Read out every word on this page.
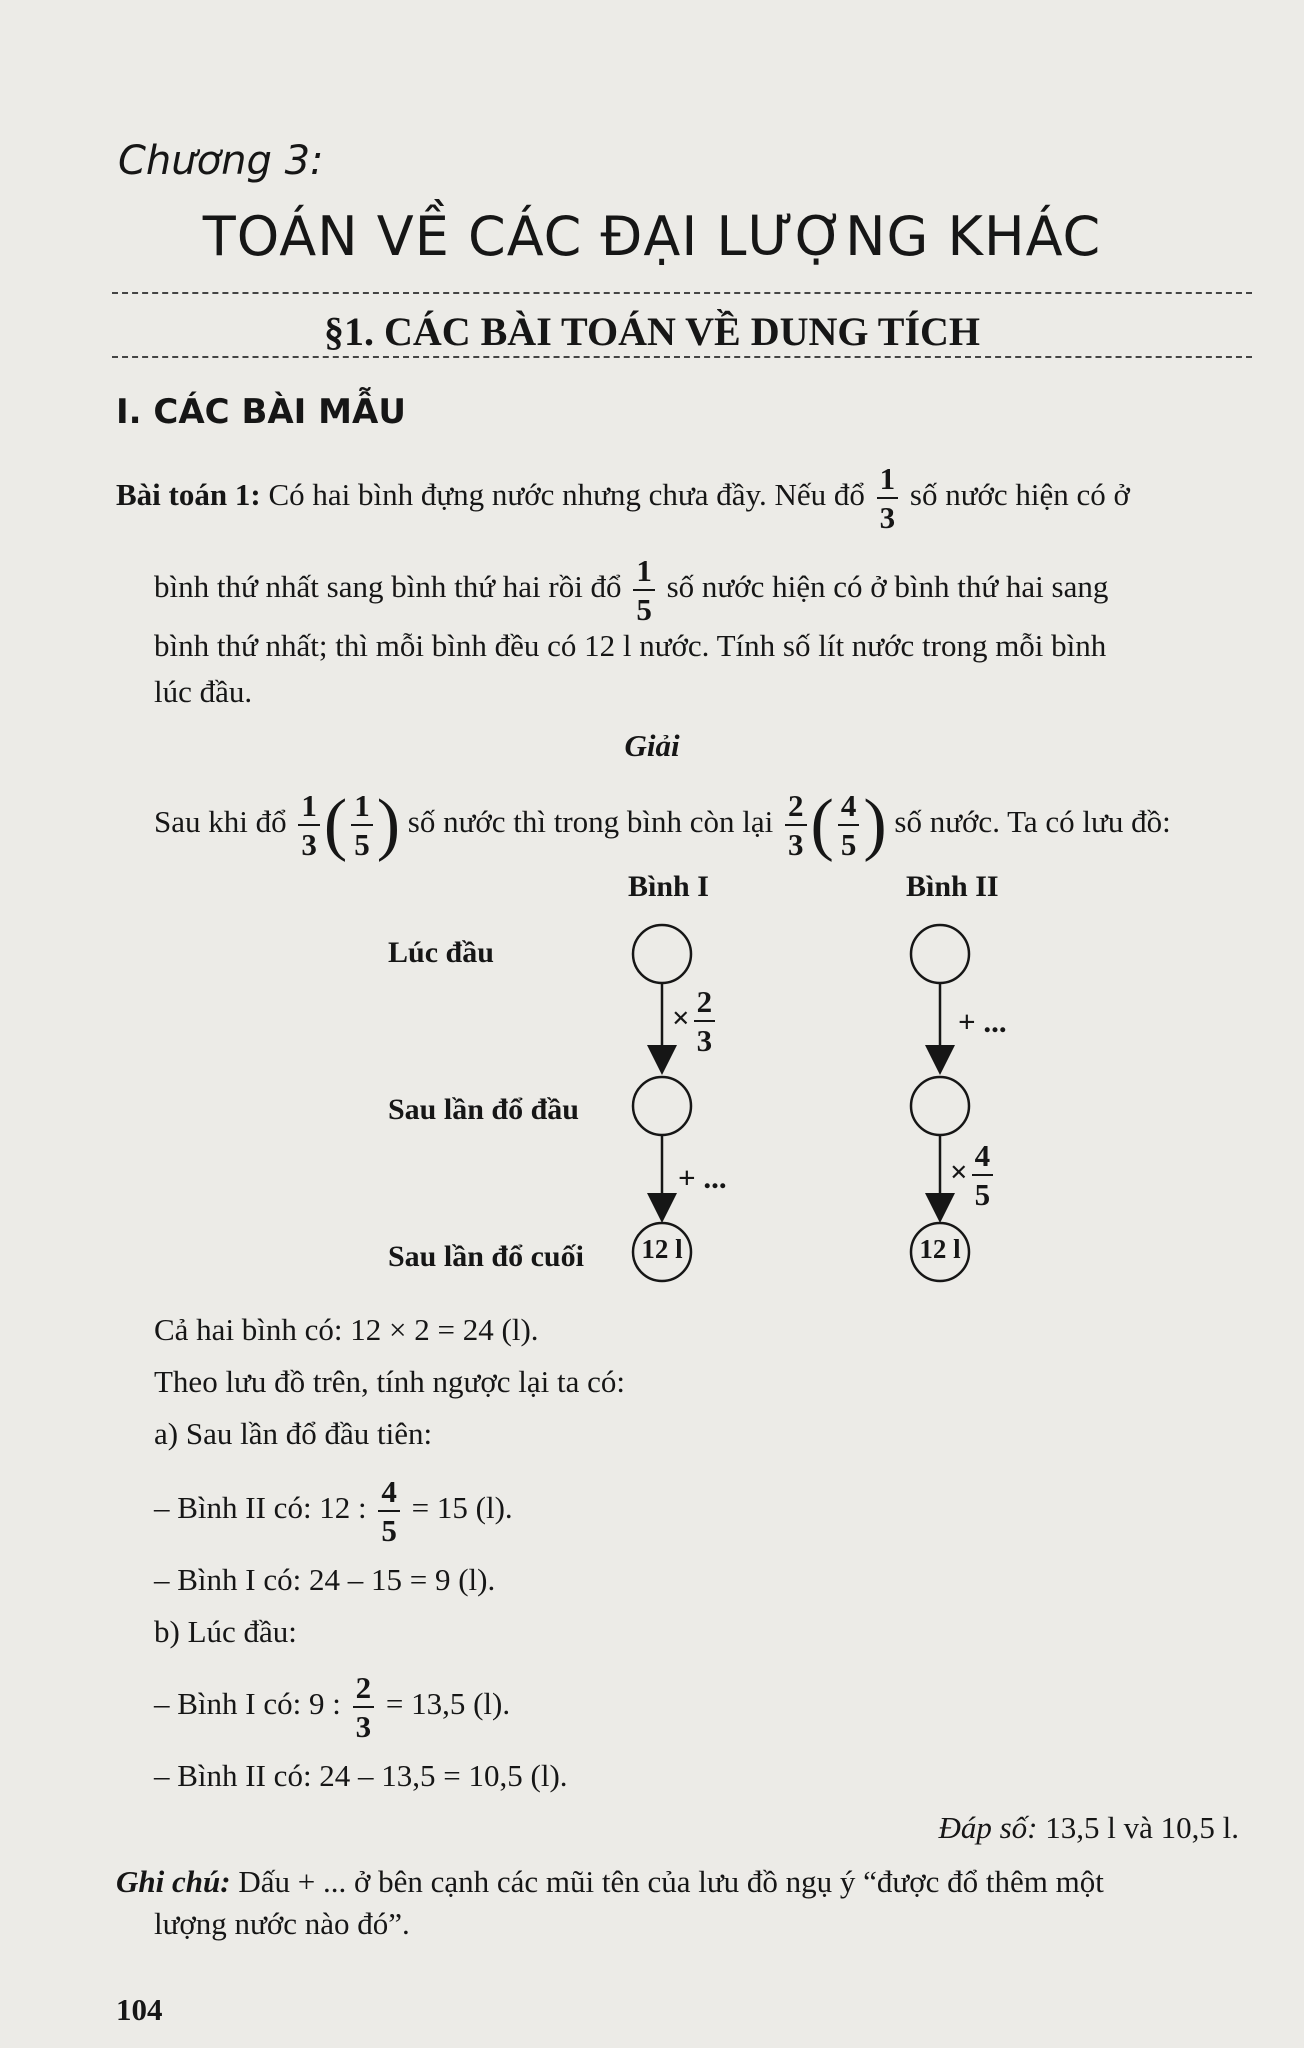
Chương 3:
TOÁN VỀ CÁC ĐẠI LƯỢNG KHÁC
§1. CÁC BÀI TOÁN VỀ DUNG TÍCH
I. CÁC BÀI MẪU
Bài toán 1: Có hai bình đựng nước nhưng chưa đầy. Nếu đổ $\frac{1}{3}$ số nước hiện có ở
bình thứ nhất sang bình thứ hai rồi đổ $\frac{1}{5}$ số nước hiện có ở bình thứ hai sang
bình thứ nhất; thì mỗi bình đều có 12 l nước. Tính số lít nước trong mỗi bình
lúc đầu.
Giải
Sau khi đổ $\frac{1}{3}$ ( $\frac{1}{5}$ ) số nước thì trong bình còn lại $\frac{2}{3}$ ( $\frac{4}{5}$ ) số nước. Ta có lưu đồ:
Bình I	Bình II
Lúc đầu
Sau lần đổ đầu
Sau lần đổ cuối
× $\frac{2}{3}$	+ ...
+ ...	× $\frac{4}{5}$
12 l	12 l
Cả hai bình có: 12 × 2 = 24 (l).
Theo lưu đồ trên, tính ngược lại ta có:
a) Sau lần đổ đầu tiên:
– Bình II có: 12 : $\frac{4}{5} = 15$ (l).
– Bình I có: 24 – 15 = 9 (l).
b) Lúc đầu:
– Bình I có: 9 : $\frac{2}{3} = 13,5$ (l).
– Bình II có: 24 – 13,5 = 10,5 (l).
Đáp số: 13,5 l và 10,5 l.
Ghi chú: Dấu + ... ở bên cạnh các mũi tên của lưu đồ ngụ ý “được đổ thêm một
lượng nước nào đó”.
104
